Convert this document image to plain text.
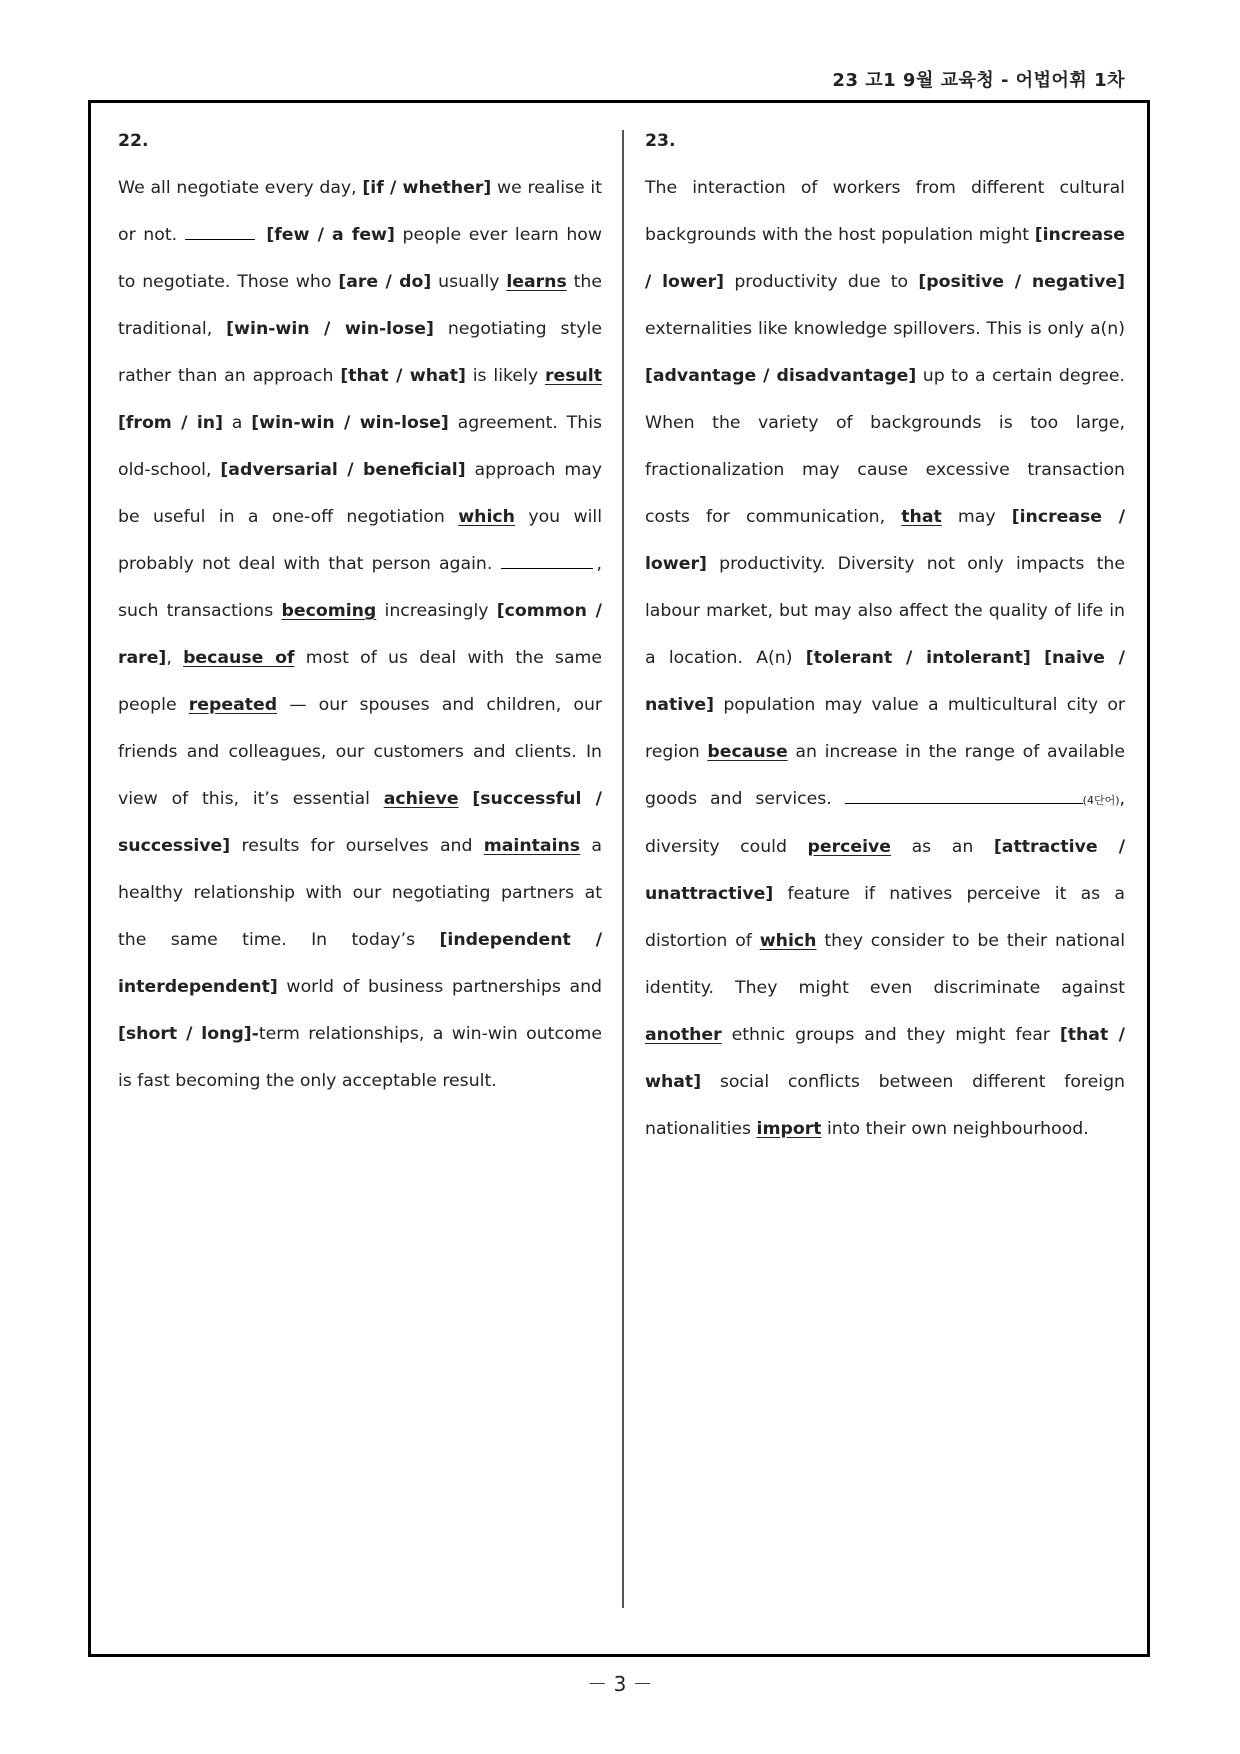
23 고1 9월 교육청 - 어법어휘 1차
22.
We all negotiate every day, [if / whether] we realise it or not.	[few / a few] people ever learn how to negotiate. Those who [are / do] usually learns the traditional, [win-win / win-lose] negotiating style rather than an approach [that / what] is likely result [from / in] a [win-win / win-lose] agreement. This old-school, [adversarial / beneficial] approach may be useful in a one-off negotiation which you will probably not deal with that person again.	, such transactions becoming increasingly [common / rare], because of most of us deal with the same people repeated — our spouses and children, our friends and colleagues, our customers and clients. In view of this, it’s essential achieve [successful / successive] results for ourselves and maintains a healthy relationship with our negotiating partners at the same time. In today’s [independent / interdependent] world of business partnerships and [short / long]-term relationships, a win-win outcome is fast becoming the only acceptable result.
23.
The interaction of workers from different cultural backgrounds with the host population might [increase / lower] productivity due to [positive / negative] externalities like knowledge spillovers. This is only a(n) [advantage / disadvantage] up to a certain degree. When the variety of backgrounds is too large, fractionalization may cause excessive transaction costs for communication, that may [increase / lower] productivity. Diversity not only impacts the labour market, but may also affect the quality of life in a location. A(n) [tolerant / intolerant] [naive / native] population may value a multicultural city or region because an increase in the range of available goods and services.	(4단어), diversity could perceive as an [attractive / unattractive] feature if natives perceive it as a distortion of which they consider to be their national identity. They might even discriminate against another ethnic groups and they might fear [that / what] social conflicts between different foreign nationalities import into their own neighbourhood.
－ 3 －
